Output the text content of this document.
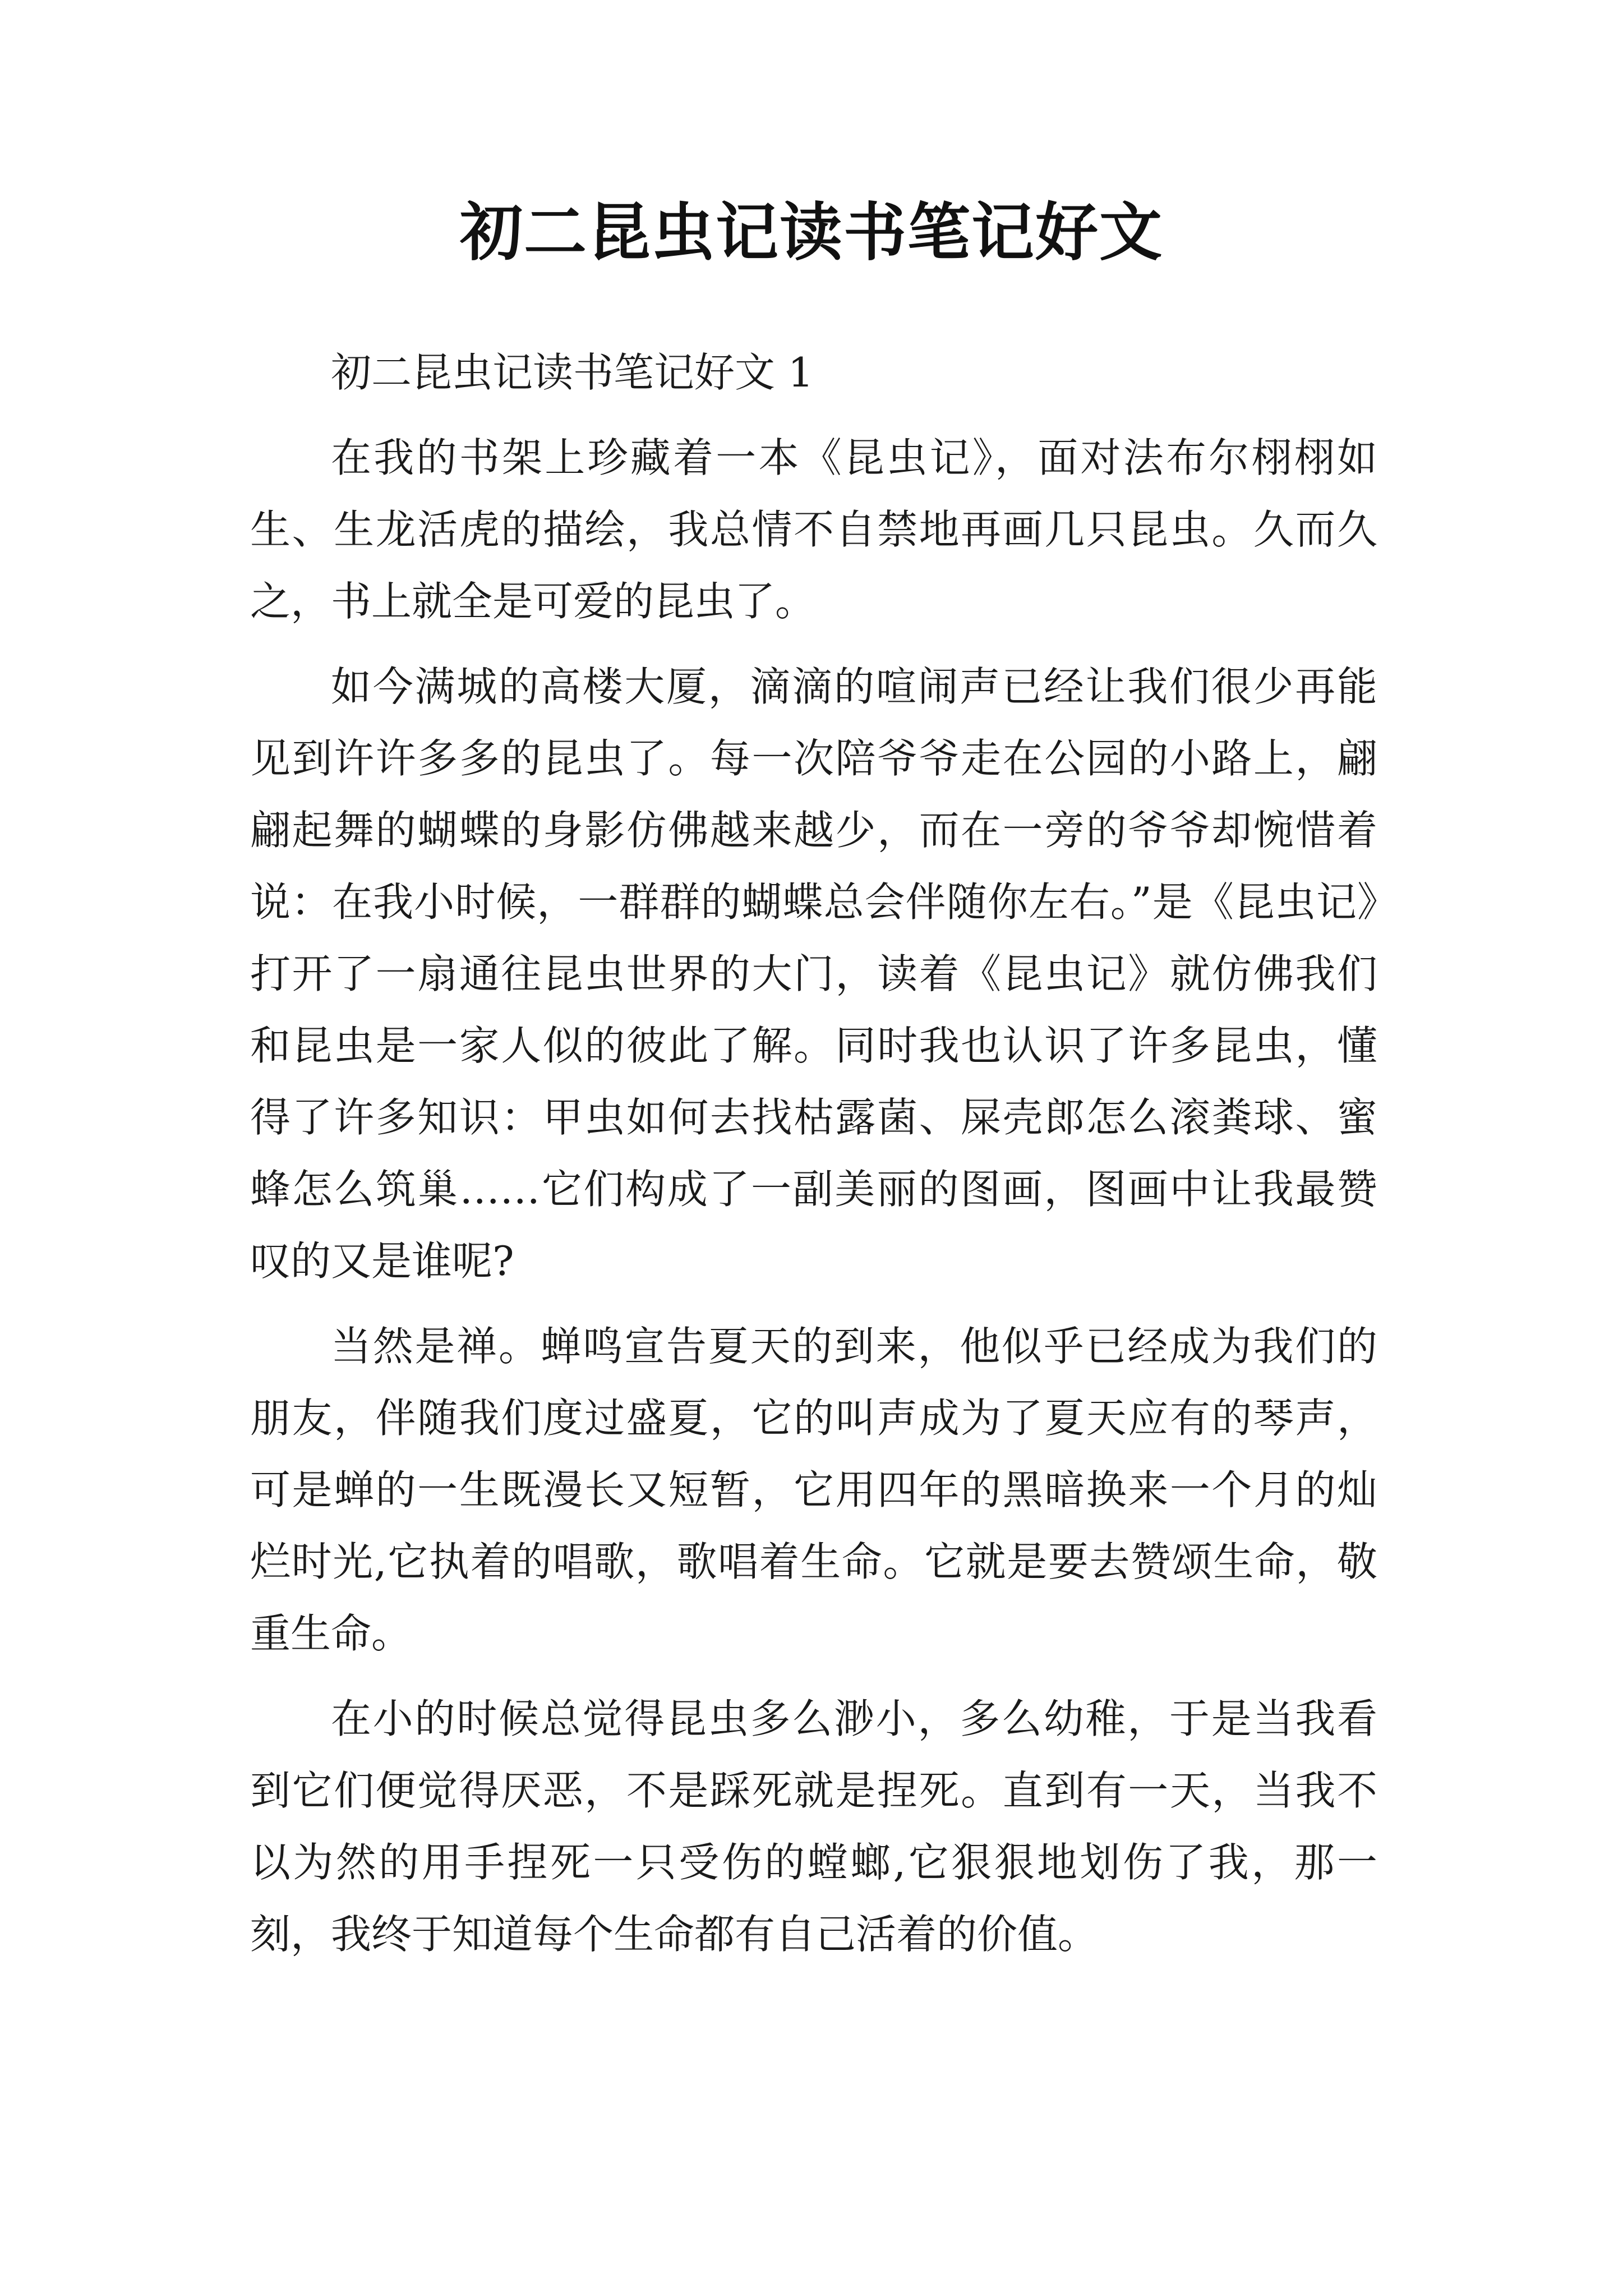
初二昆虫记读书笔记好文

初二昆虫记读书笔记好文 1

在我的书架上珍藏着一本《昆虫记》，面对法布尔栩栩如生、生龙活虎的描绘，我总情不自禁地再画几只昆虫。久而久之，书上就全是可爱的昆虫了。

如今满城的高楼大厦，滴滴的喧闹声已经让我们很少再能见到许许多多的昆虫了。每一次陪爷爷走在公园的小路上，翩翩起舞的蝴蝶的身影仿佛越来越少，而在一旁的爷爷却惋惜着说：在我小时候，一群群的蝴蝶总会伴随你左右。”是《昆虫记》打开了一扇通往昆虫世界的大门，读着《昆虫记》就仿佛我们和昆虫是一家人似的彼此了解。同时我也认识了许多昆虫，懂得了许多知识：甲虫如何去找枯露菌、屎壳郎怎么滚粪球、蜜蜂怎么筑巢……它们构成了一副美丽的图画，图画中让我最赞叹的又是谁呢?

当然是禅。蝉鸣宣告夏天的到来，他似乎已经成为我们的朋友，伴随我们度过盛夏，它的叫声成为了夏天应有的琴声，可是蝉的一生既漫长又短暂，它用四年的黑暗换来一个月的灿烂时光,它执着的唱歌，歌唱着生命。它就是要去赞颂生命，敬重生命。

在小的时候总觉得昆虫多么渺小，多么幼稚，于是当我看到它们便觉得厌恶，不是踩死就是捏死。直到有一天，当我不以为然的用手捏死一只受伤的螳螂,它狠狠地划伤了我，那一刻，我终于知道每个生命都有自己活着的价值。
